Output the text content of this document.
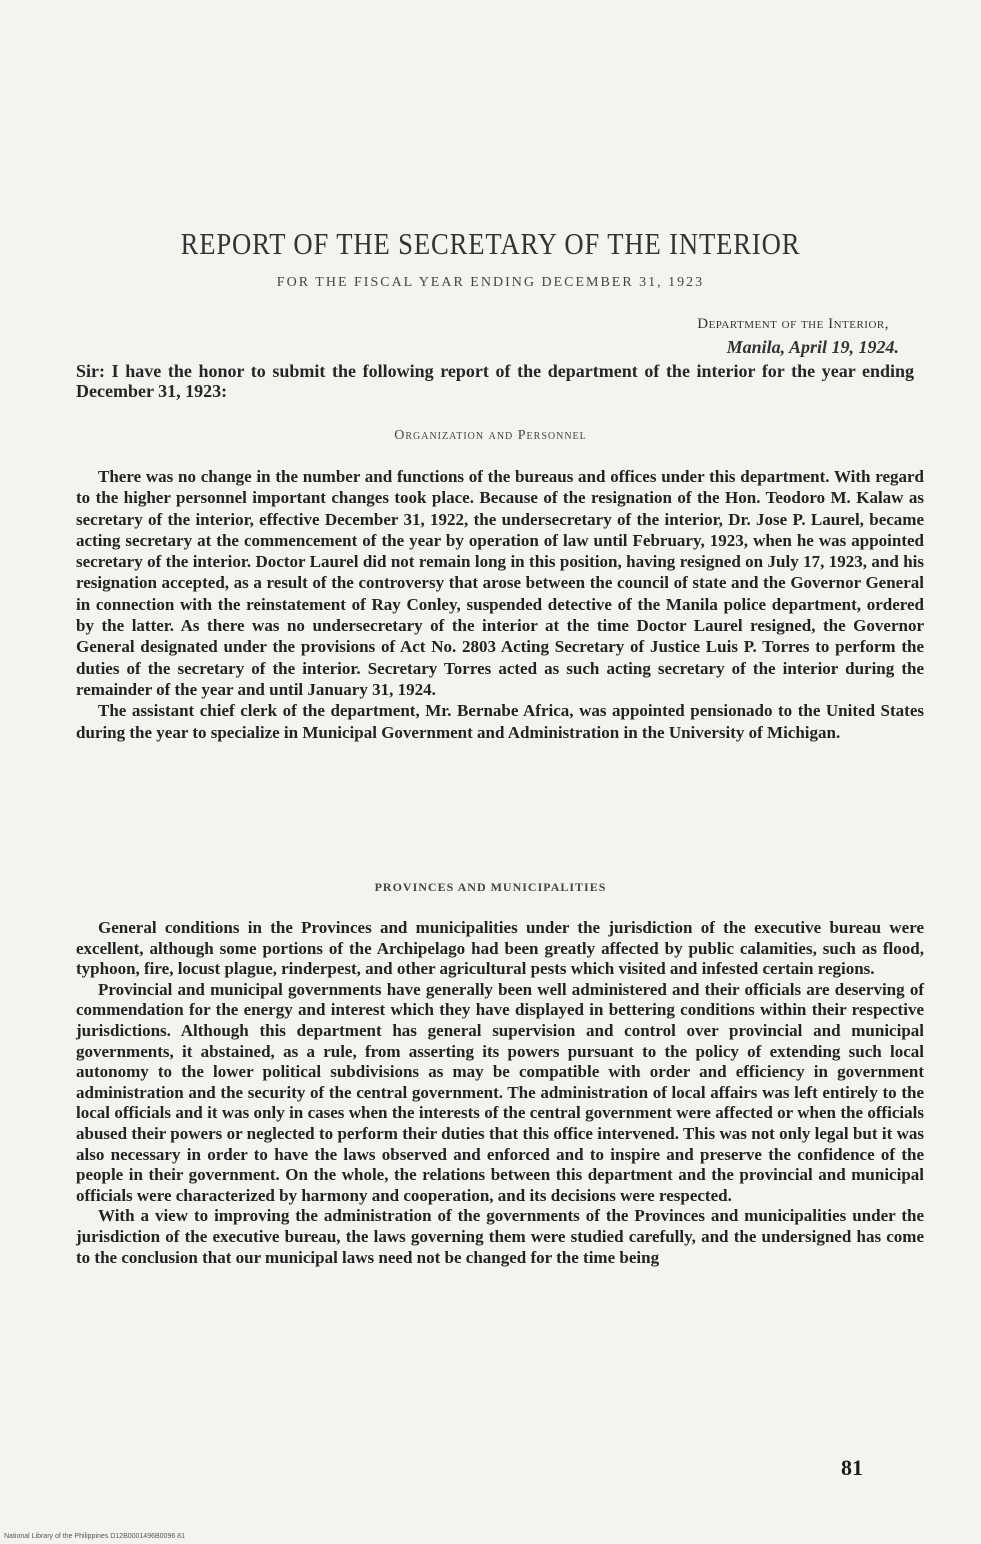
REPORT OF THE SECRETARY OF THE INTERIOR
FOR THE FISCAL YEAR ENDING DECEMBER 31, 1923
Department of the Interior,
Manila, April 19, 1924.
Sir: I have the honor to submit the following report of the department of the interior for the year ending December 31, 1923:
Organization and Personnel

There was no change in the number and functions of the bureaus and offices under this department. With regard to the higher personnel important changes took place. Because of the resignation of the Hon. Teodoro M. Kalaw as secretary of the interior, effective December 31, 1922, the undersecretary of the interior, Dr. Jose P. Laurel, became acting secretary at the commencement of the year by operation of law until February, 1923, when he was appointed secretary of the interior. Doctor Laurel did not remain long in this position, having resigned on July 17, 1923, and his resignation accepted, as a result of the controversy that arose between the council of state and the Governor General in connection with the reinstatement of Ray Conley, suspended detective of the Manila police department, ordered by the latter. As there was no undersecretary of the interior at the time Doctor Laurel resigned, the Governor General designated under the provisions of Act No. 2803 Acting Secretary of Justice Luis P. Torres to perform the duties of the secretary of the interior. Secretary Torres acted as such acting secretary of the interior during the remainder of the year and until January 31, 1924.

The assistant chief clerk of the department, Mr. Bernabe Africa, was appointed pensionado to the United States during the year to specialize in Municipal Government and Administration in the University of Michigan.

PROVINCES AND MUNICIPALITIES

General conditions in the Provinces and municipalities under the jurisdiction of the executive bureau were excellent, although some portions of the Archipelago had been greatly affected by public calamities, such as flood, typhoon, fire, locust plague, rinderpest, and other agricultural pests which visited and infested certain regions.

Provincial and municipal governments have generally been well administered and their officials are deserving of commendation for the energy and interest which they have displayed in bettering conditions within their respective jurisdictions. Although this department has general supervision and control over provincial and municipal governments, it abstained, as a rule, from asserting its powers pursuant to the policy of extending such local autonomy to the lower political subdivisions as may be compatible with order and efficiency in government administration and the security of the central government. The administration of local affairs was left entirely to the local officials and it was only in cases when the interests of the central government were affected or when the officials abused their powers or neglected to perform their duties that this office intervened. This was not only legal but it was also necessary in order to have the laws observed and enforced and to inspire and preserve the confidence of the people in their government. On the whole, the relations between this department and the provincial and municipal officials were characterized by harmony and cooperation, and its decisions were respected.

With a view to improving the administration of the governments of the Provinces and municipalities under the jurisdiction of the executive bureau, the laws governing them were studied carefully, and the undersigned has come to the conclusion that our municipal laws need not be changed for the time being

81
National Library of the Philippines D12B0001496B0096 81
